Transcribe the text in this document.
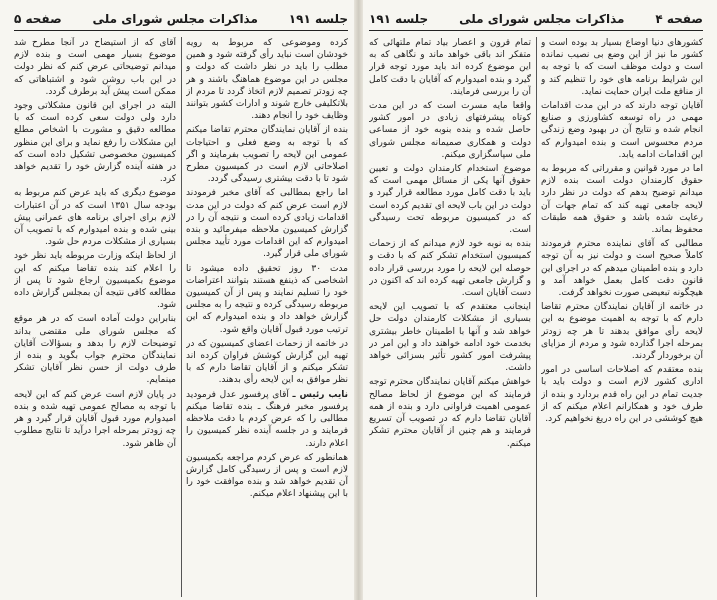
جلسه ۱۹۱
مذاکرات مجلس شورای ملی
صفحه ۵

کرده وموضوعی که مربوط به رویه خودشان است نباید رأی گرفته شود و همین مطلب را باید در نظر داشت که دولت و مجلس در این موضوع هماهنگ باشند و هر چه زودتر تصمیم لازم اتخاذ گردد تا مردم از بلاتکلیفی خارج شوند و ادارات کشور بتوانند وظایف خود را انجام دهند.

بنده از آقایان نمایندگان محترم تقاضا میکنم که با توجه به وضع فعلی و احتیاجات عمومی این لایحه را تصویب بفرمایند و اگر اصلاحاتی لازم است در کمیسیون مطرح شود تا با دقت بیشتری رسیدگی گردد.

اما راجع بمطالبی که آقای مخبر فرمودند لازم است عرض کنم که دولت در این مدت اقدامات زیادی کرده است و نتیجه آن را در گزارش کمیسیون ملاحظه میفرمائید و بنده امیدوارم که این اقدامات مورد تأیید مجلس شورای ملی قرار گیرد.

مدت ۳۰ روز تحقیق داده میشود تا اشخاصی که ذینفع هستند بتوانند اعتراضات خود را تسلیم نمایند و پس از آن کمیسیون مربوطه رسیدگی کرده و نتیجه را به مجلس گزارش خواهد داد و بنده امیدوارم که این ترتیب مورد قبول آقایان واقع شود.

در خاتمه از زحمات اعضای کمیسیون که در تهیه این گزارش کوشش فراوان کرده اند تشکر میکنم و از آقایان تقاضا دارم که با نظر موافق به این لایحه رأی بدهند.

نایب رئیس ـ آقای پرفسور عدل فرمودید پرفسور مخبر فرهنگ ـ بنده تقاضا میکنم مطالبی را که عرض کردم با دقت ملاحظه فرمایند و در جلسه آینده نظر کمیسیون را اعلام دارند.

همانطور که عرض کردم مراجعه بکمیسیون لازم است و پس از رسیدگی کامل گزارش آن تقدیم خواهد شد و بنده موافقت خود را با این پیشنهاد اعلام میکنم.

آقای که از استیضاح در آنجا مطرح شد موضوع بسیار مهمی است و بنده لازم میدانم توضیحاتی عرض کنم که نظر دولت در این باب روشن شود و اشتباهاتی که ممکن است پیش آید برطرف گردد.

البته در اجرای این قانون مشکلاتی وجود دارد ولی دولت سعی کرده است که با مطالعه دقیق و مشورت با اشخاص مطلع این مشکلات را رفع نماید و برای این منظور کمیسیون مخصوصی تشکیل داده است که در هفته آینده گزارش خود را تقدیم خواهد کرد.

موضوع دیگری که باید عرض کنم مربوط به بودجه سال ۱۳۵۱ است که در آن اعتبارات لازم برای اجرای برنامه های عمرانی پیش بینی شده و بنده امیدوارم که با تصویب آن بسیاری از مشکلات مردم حل شود.

از لحاظ اینکه وزارت مربوطه باید نظر خود را اعلام کند بنده تقاضا میکنم که این موضوع بکمیسیون ارجاع شود تا پس از مطالعه کافی نتیجه آن بمجلس گزارش داده شود.

بنابراین دولت آماده است که در هر موقع که مجلس شورای ملی مقتضی بداند توضیحات لازم را بدهد و بسؤالات آقایان نمایندگان محترم جواب بگوید و بنده از طرف دولت از حسن نظر آقایان تشکر مینمایم.

در پایان لازم است عرض کنم که این لایحه با توجه به مصالح عمومی تهیه شده و بنده امیدوارم مورد قبول آقایان قرار گیرد و هر چه زودتر بمرحله اجرا درآید تا نتایج مطلوب آن ظاهر شود.

صفحه ۴
مذاکرات مجلس شورای ملی
جلسه ۱۹۱

کشورهای دنیا اوضاع بسیار بد بوده است و کشور ما نیز از این وضع بی نصیب نمانده است و دولت موظف است که با توجه به این شرایط برنامه های خود را تنظیم کند و از منافع ملت ایران حمایت نماید.

آقایان توجه دارند که در این مدت اقدامات مهمی در راه توسعه کشاورزی و صنایع انجام شده و نتایج آن در بهبود وضع زندگی مردم محسوس است و بنده امیدوارم که این اقدامات ادامه یابد.

اما در مورد قوانین و مقرراتی که مربوط به حقوق کارمندان دولت است بنده لازم میدانم توضیح بدهم که دولت در نظر دارد لایحه جامعی تهیه کند که تمام جهات آن رعایت شده باشد و حقوق همه طبقات محفوظ بماند.

مطالبی که آقای نماینده محترم فرمودند کاملاً صحیح است و دولت نیز به آن توجه دارد و بنده اطمینان میدهم که در اجرای این قانون دقت کامل بعمل خواهد آمد و هیچگونه تبعیضی صورت نخواهد گرفت.

در خاتمه از آقایان نمایندگان محترم تقاضا دارم که با توجه به اهمیت موضوع به این لایحه رأی موافق بدهند تا هر چه زودتر بمرحله اجرا گذارده شود و مردم از مزایای آن برخوردار گردند.

بنده معتقدم که اصلاحات اساسی در امور اداری کشور لازم است و دولت باید با جدیت تمام در این راه قدم بردارد و بنده از طرف خود و همکارانم اعلام میکنم که از هیچ کوششی در این راه دریغ نخواهیم کرد.

تمام قرون و اعصار بیاد تمام ملتهائی که متفکر اند باقی خواهد ماند و نگاهی که به این موضوع کرده اند باید مورد توجه قرار گیرد و بنده امیدوارم که آقایان با دقت کامل آن را بررسی فرمایند.

واقعا مایه مسرت است که در این مدت کوتاه پیشرفتهای زیادی در امور کشور حاصل شده و بنده بنوبه خود از مساعی دولت و همکاری صمیمانه مجلس شورای ملی سپاسگزاری میکنم.

موضوع استخدام کارمندان دولت و تعیین حقوق آنها یکی از مسائل مهمی است که باید با دقت کامل مورد مطالعه قرار گیرد و دولت در این باب لایحه ای تقدیم کرده است که در کمیسیون مربوطه تحت رسیدگی است.

بنده به نوبه خود لازم میدانم که از زحمات کمیسیون استخدام تشکر کنم که با دقت و حوصله این لایحه را مورد بررسی قرار داده و گزارش جامعی تهیه کرده اند که اکنون در دست آقایان است.

اینجانب معتقدم که با تصویب این لایحه بسیاری از مشکلات کارمندان دولت حل خواهد شد و آنها با اطمینان خاطر بیشتری بخدمت خود ادامه خواهند داد و این امر در پیشرفت امور کشور تأثیر بسزائی خواهد داشت.

خواهش میکنم آقایان نمایندگان محترم توجه فرمایند که این موضوع از لحاظ مصالح عمومی اهمیت فراوانی دارد و بنده از همه آقایان تقاضا دارم که در تصویب آن تسریع فرمایند و هم چنین از آقایان محترم تشکر میکنم.
